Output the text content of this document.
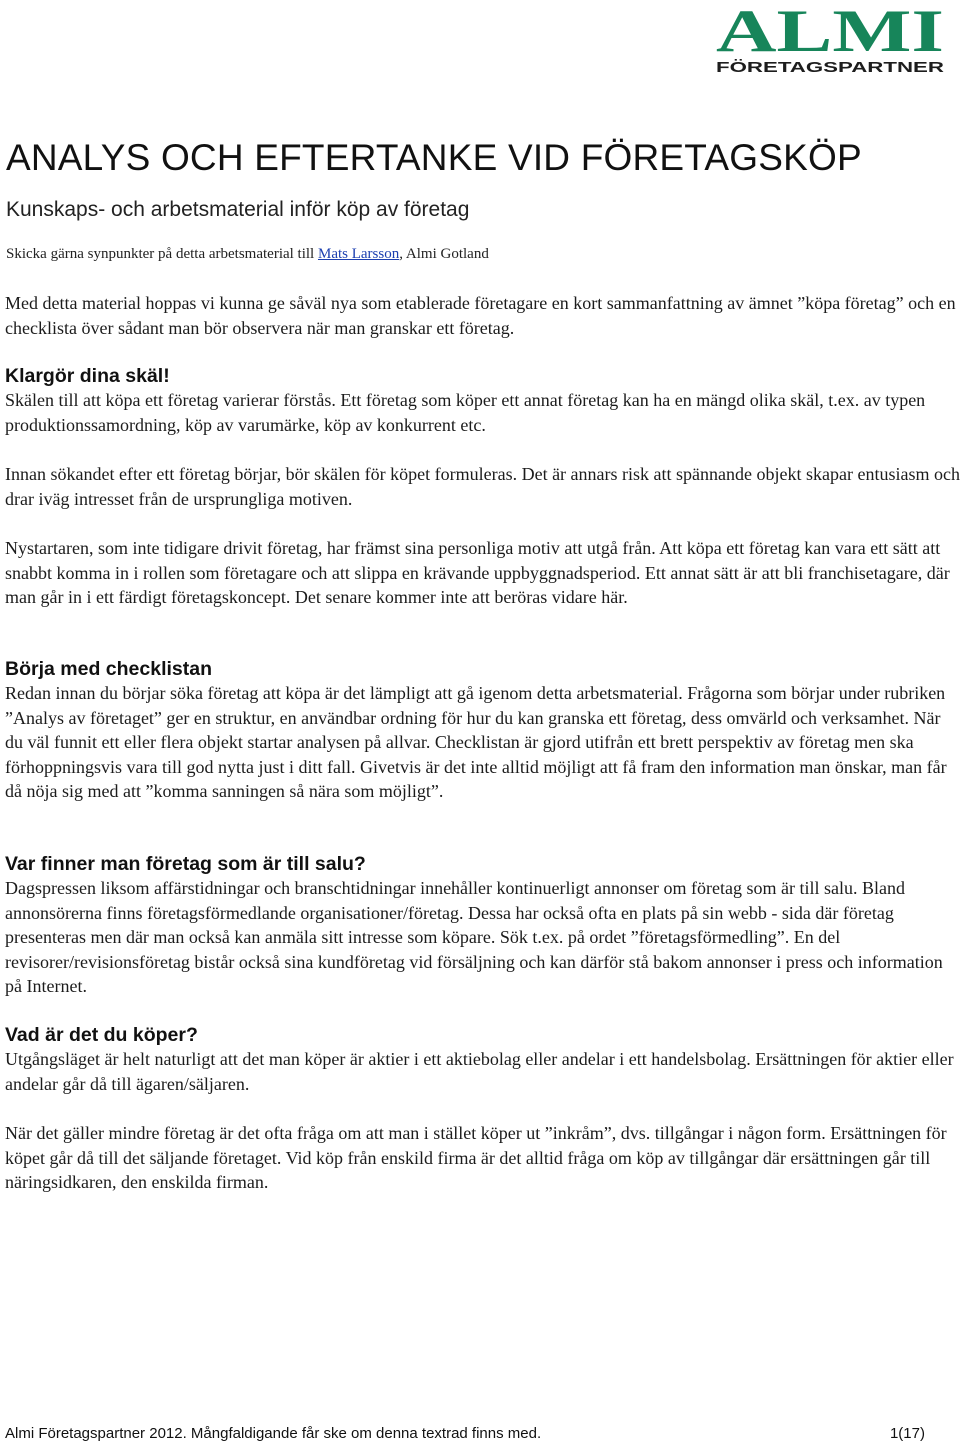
ALMI
FÖRETAGSPARTNER
ANALYS OCH EFTERTANKE VID FÖRETAGSKÖP
Kunskaps- och arbetsmaterial inför köp av företag

Skicka gärna synpunkter på detta arbetsmaterial till Mats Larsson, Almi Gotland

Med detta material hoppas vi kunna ge såväl nya som etablerade företagare en kort sammanfattning av ämnet ”köpa företag” och en checklista över sådant man bör observera när man granskar ett företag.

Klargör dina skäl!

Skälen till att köpa ett företag varierar förstås. Ett företag som köper ett annat företag kan ha en mängd olika skäl, t.ex. av typen produktionssamordning, köp av varumärke, köp av konkurrent etc.

Innan sökandet efter ett företag börjar, bör skälen för köpet formuleras. Det är annars risk att spännande objekt skapar entusiasm och drar iväg intresset från de ursprungliga motiven.

Nystartaren, som inte tidigare drivit företag, har främst sina personliga motiv att utgå från. Att köpa ett företag kan vara ett sätt att snabbt komma in i rollen som företagare och att slippa en krävande uppbyggnadsperiod. Ett annat sätt är att bli franchisetagare, där man går in i ett färdigt företagskoncept. Det senare kommer inte att beröras vidare här.

Börja med checklistan

Redan innan du börjar söka företag att köpa är det lämpligt att gå igenom detta arbetsmaterial. Frågorna som börjar under rubriken ”Analys av företaget” ger en struktur, en användbar ordning för hur du kan granska ett företag, dess omvärld och verksamhet. När du väl funnit ett eller flera objekt startar analysen på allvar. Checklistan är gjord utifrån ett brett perspektiv av företag men ska förhoppningsvis vara till god nytta just i ditt fall. Givetvis är det inte alltid möjligt att få fram den information man önskar, man får då nöja sig med att ”komma sanningen så nära som möjligt”.

Var finner man företag som är till salu?

Dagspressen liksom affärstidningar och branschtidningar innehåller kontinuerligt annonser om företag som är till salu. Bland annonsörerna finns företagsförmedlande organisationer/företag. Dessa har också ofta en plats på sin webb - sida där företag presenteras men där man också kan anmäla sitt intresse som köpare. Sök t.ex. på ordet ”företagsförmedling”. En del revisorer/revisionsföretag bistår också sina kundföretag vid försäljning och kan därför stå bakom annonser i press och information på Internet.

Vad är det du köper?

Utgångsläget är helt naturligt att det man köper är aktier i ett aktiebolag eller andelar i ett handelsbolag. Ersättningen för aktier eller andelar går då till ägaren/säljaren.

När det gäller mindre företag är det ofta fråga om att man i stället köper ut ”inkråm”, dvs. tillgångar i någon form. Ersättningen för köpet går då till det säljande företaget. Vid köp från enskild firma är det alltid fråga om köp av tillgångar där ersättningen går till näringsidkaren, den enskilda firman.

Almi Företagspartner 2012. Mångfaldigande får ske om denna textrad finns med.	1(17)
